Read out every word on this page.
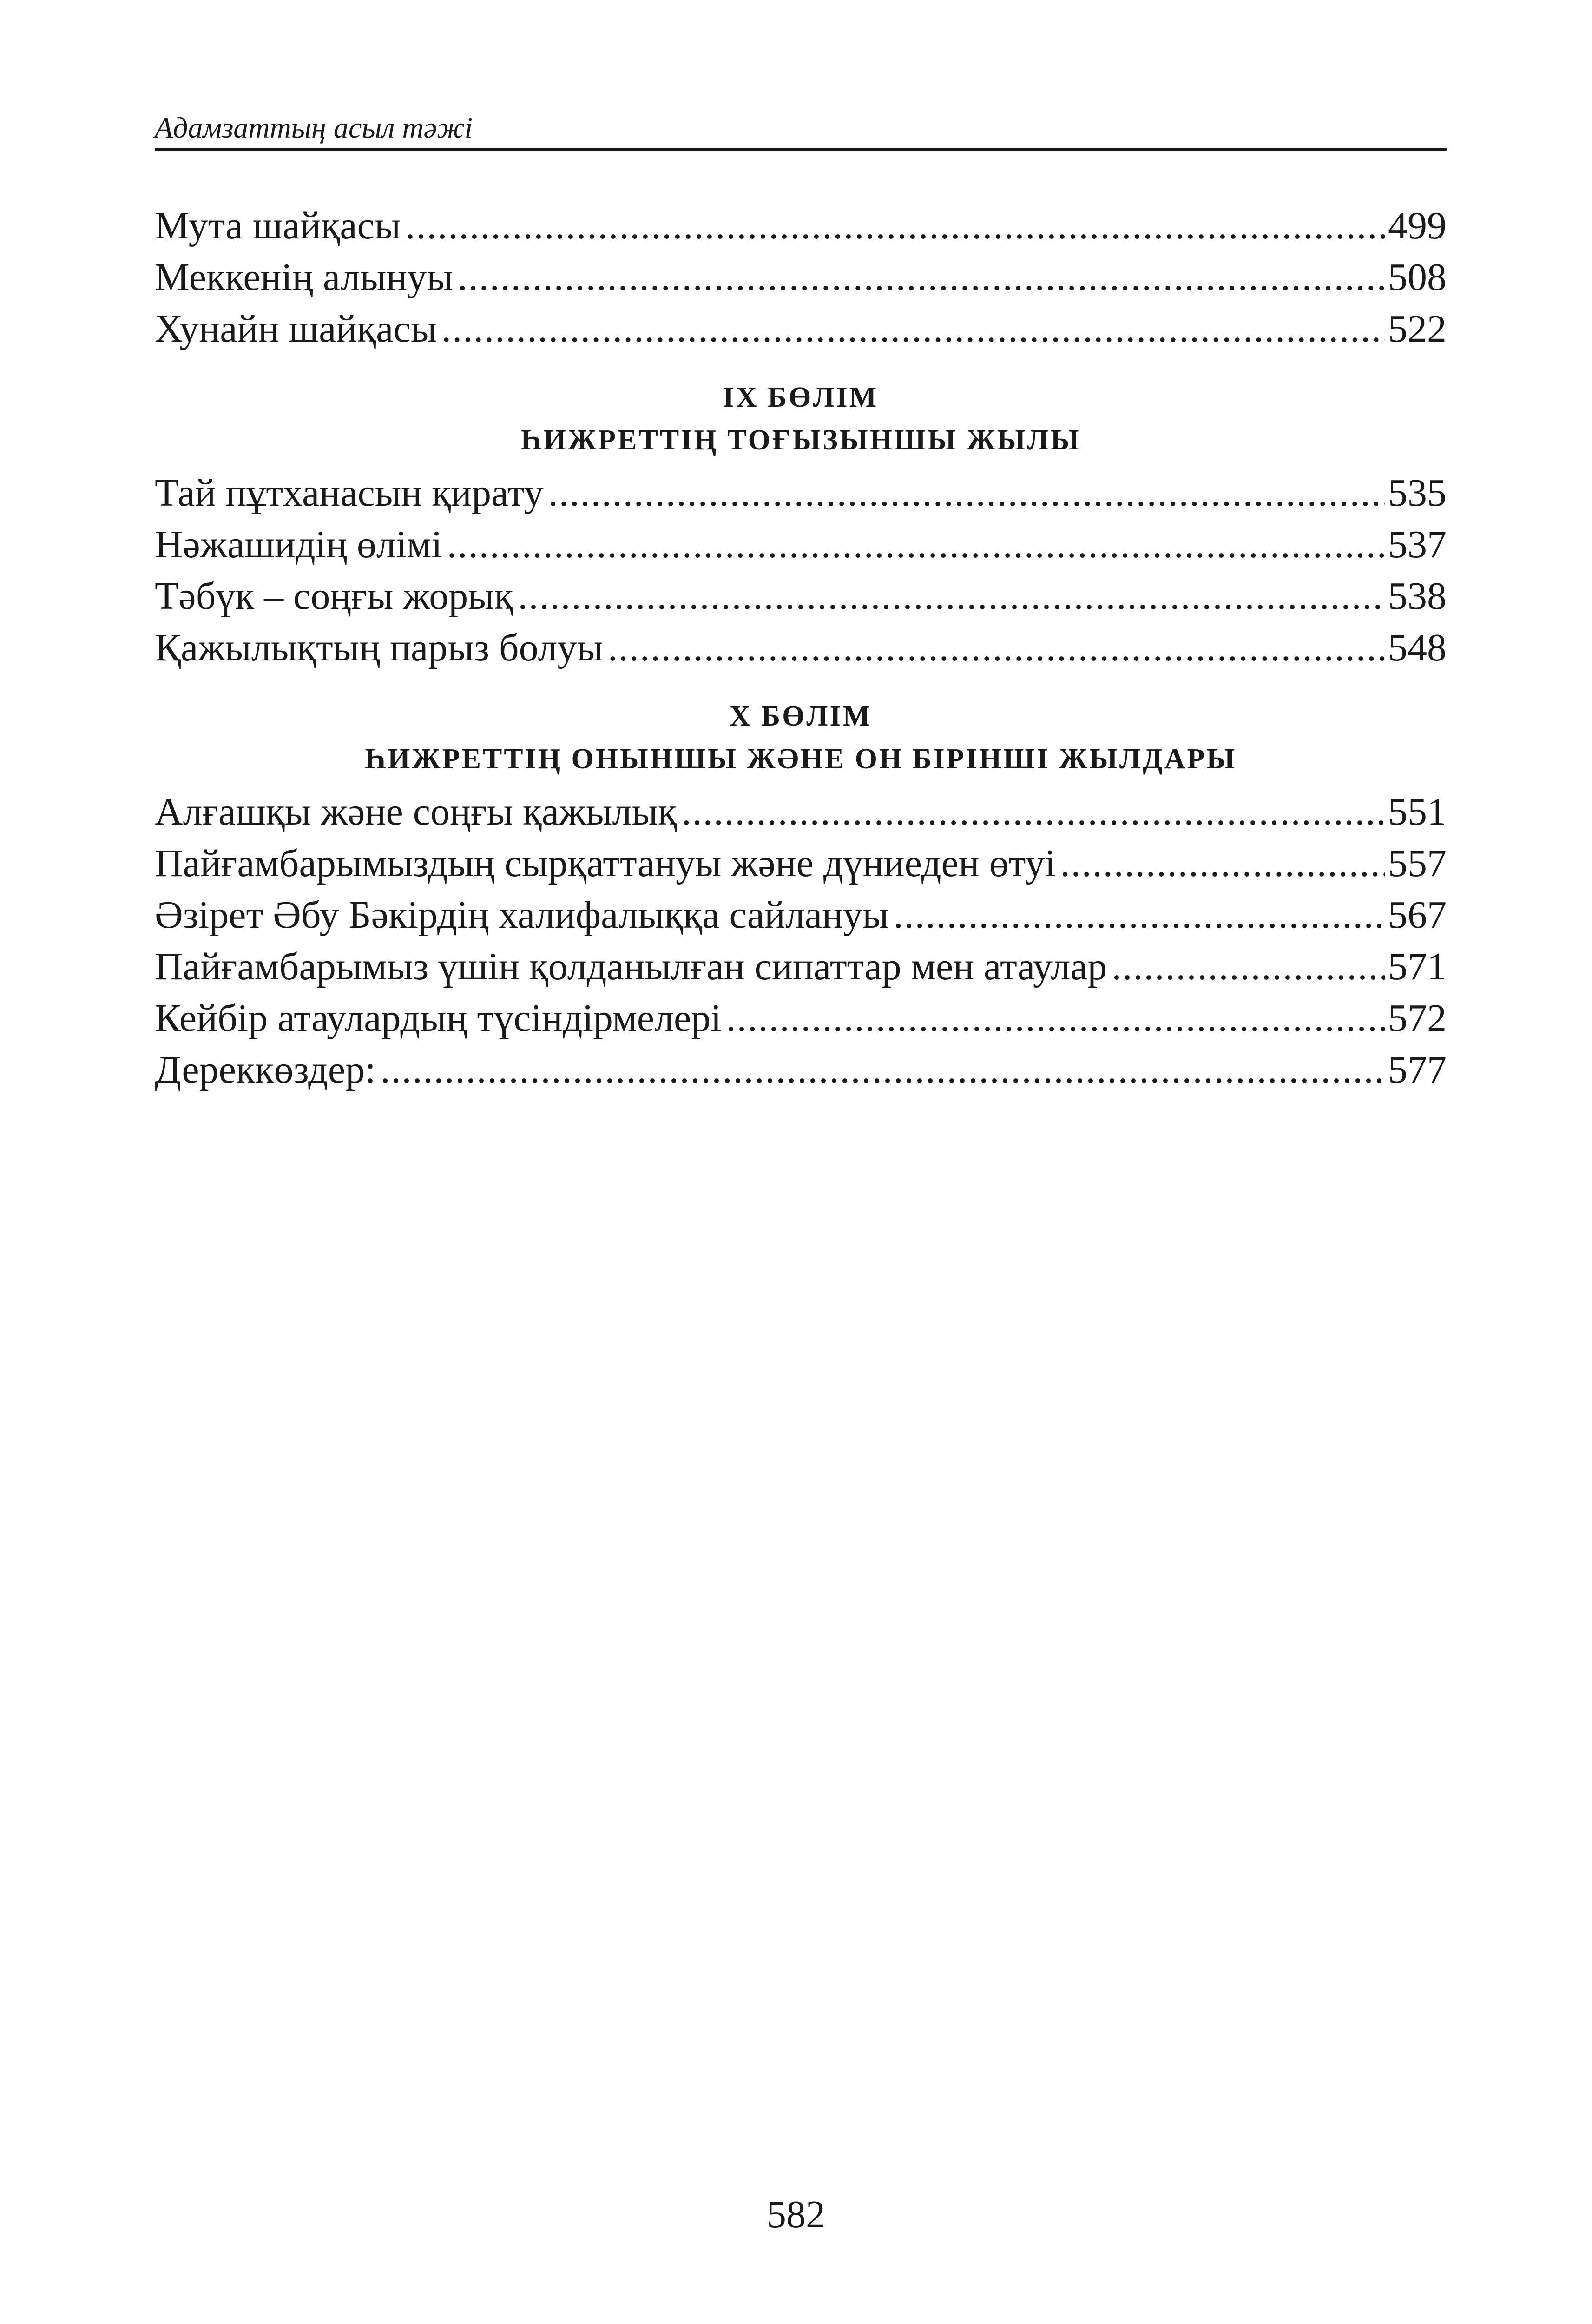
Адамзаттың асыл тәжі
Мута шайқасы .....	499
Меккенің алынуы .....	508
Хунайн шайқасы .....	522
IX БӨЛІМ
ҺИЖРЕТТІҢ ТОҒЫЗЫНШЫ ЖЫЛЫ
Тай пұтханасын қирату .....	535
Нәжашидің өлімі .....	537
Тәбүк – соңғы жорық .....	538
Қажылықтың парыз болуы .....	548
X БӨЛІМ
ҺИЖРЕТТІҢ ОНЫНШЫ ЖӘНЕ ОН БІРІНШІ ЖЫЛДАРЫ
Алғашқы және соңғы қажылық .....	551
Пайғамбарымыздың сырқаттануы және дүниеден өтуі .....	557
Әзірет Әбу Бәкірдің халифалыққа сайлануы .....	567
Пайғамбарымыз үшін қолданылған сипаттар мен атаулар .....	571
Кейбір атаулардың түсіндірмелері .....	572
Дереккөздер: .....	577
582
